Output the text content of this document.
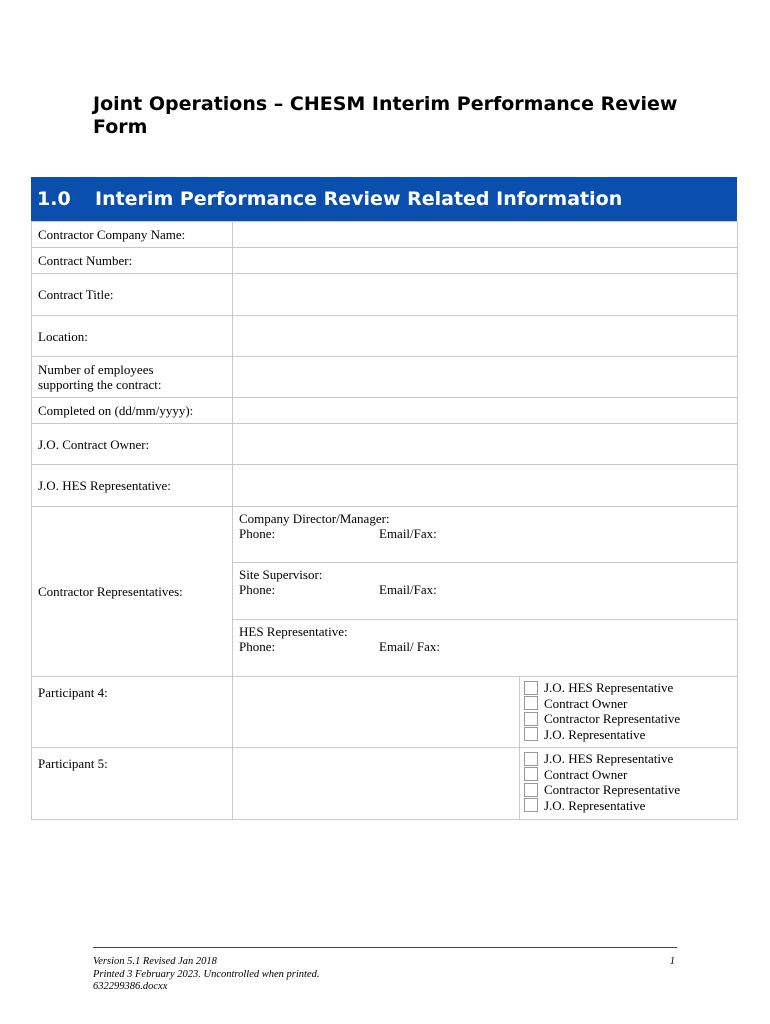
Joint Operations – CHESM Interim Performance Review Form
1.0	Interim Performance Review Related Information
Contractor Company Name:		
Contract Number:		
Contract Title:		
Location:		

Number of employees
supporting the contract:		

Completed on (dd/mm/yyyy):		
J.O. Contract Owner:		
J.O. HES Representative:		
Contractor Representatives:	Company Director/Manager:
Phone: Email/Fax:	

	Site Supervisor:
Phone: Email/Fax:	

	HES Representative:
Phone: Email/ Fax:	

Participant 4:		J.O. HES Representative
Contract Owner
Contractor Representative
J.O. Representative

Participant 5:		J.O. HES Representative
Contract Owner
Contractor Representative
J.O. Representative
Version 5.1 Revised Jan 2018
Printed 3 February 2023. Uncontrolled when printed.
632299386.docxx
1
